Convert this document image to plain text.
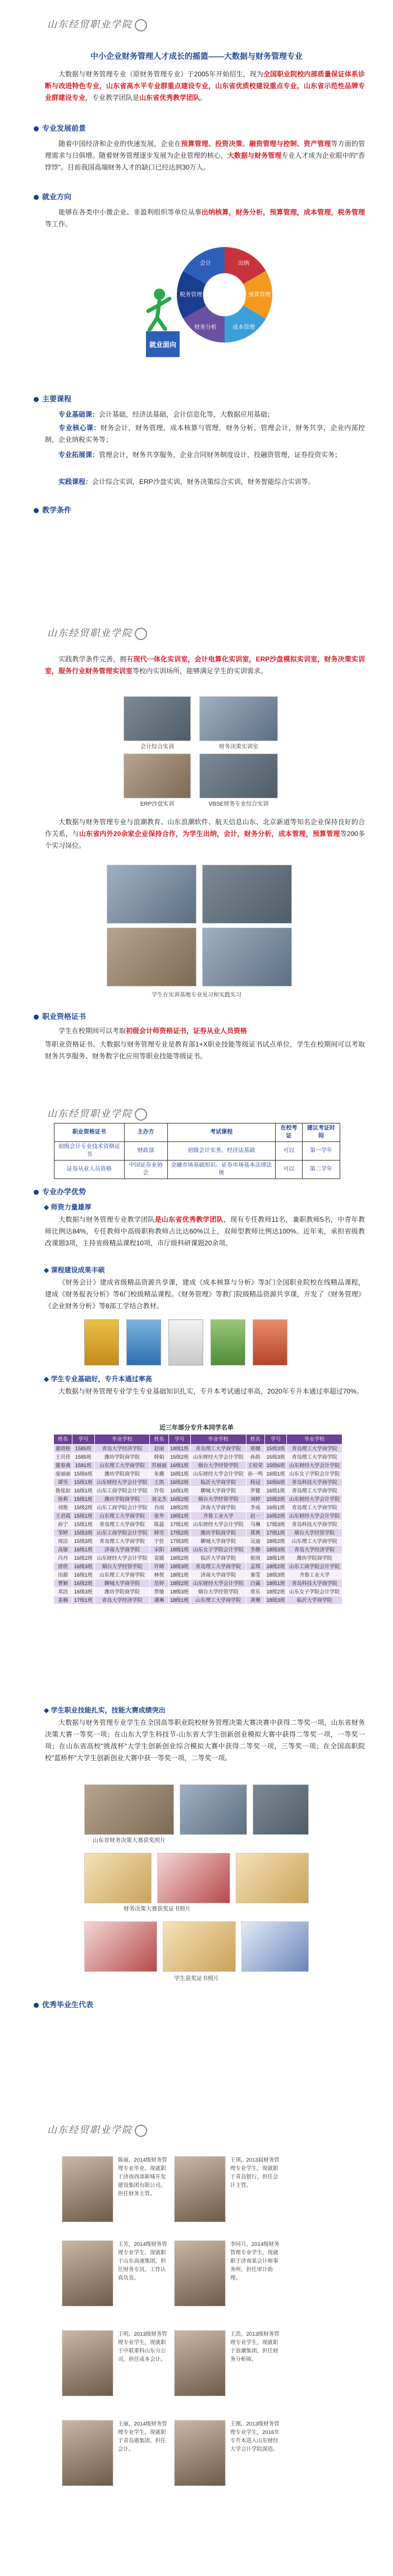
山东经贸职业学院
中小企业财务管理人才成长的摇篮——大数据与财务管理专业

  大数据与财务管理专业（原财务管理专业）于2005年开始招生，现为全国职业院校内部质量保证体系诊断与改进特色专业，山东省高水平专业群重点建设专业，山东省优质校建设重点专业，山东省示范性品牌专业群建设专业，专业教学团队是山东省优秀教学团队。

专业发展前景

  随着中国经济和企业的快速发展，企业在预算管理、投资决策、融资管理与控制、资产管理等方面的管理需求与日俱增。随着财务管理逐步发展为企业管理的核心，大数据与财务管理专业人才成为企业眼中的"香饽饽"。目前我国高端财务人才的缺口已经达到30万人。

就业方向

  能够在各类中小微企业、非盈利组织等单位从事出纳核算，财务分析，预算管理，成本管理，税务管理等工作。

会计	出纳
预算管理
成本管理
财务分析
税务管理
就业面向
主要课程

  专业基础课：会计基础，经济法基础，会计信息化等，大数据应用基础；

  专业核心课：财务会计，财务管理，成本核算与管理，财务分析，管理会计，财务共享，企业内部控制，企业纳税实务等；

  专业拓展课：管理会计，财务共享服务，企业合同财务制度设计，投融资管理，证券投资实务；

  实践课程：会计综合实训，ERP沙盘实训，财务决策综合实训，财务智能综合实训等。

教学条件
山东经贸职业学院

  实践教学条件完善，拥有现代一体化实训室，会计电算化实训室，ERP沙盘模拟实训室，财务决策实训室，服务行业财务管理实训室等校内实训场所，能够满足学生的实训需求。

会计综合实训	财务决策实训室
ERP沙盘实训	VBSE财务专业综合实训

  大数据与财务管理专业与浪潮教育、山东浪潮软件、航天信息山东、北京新道等知名企业保持良好的合作关系，与山东省内外20余家企业保持合作，为学生出纳，会计，财务分析，成本管理，预算管理等200多个实习岗位。

学生在实训基地专业见习和实践实习
职业资格证书

  学生在校期间可以考取初级会计师资格证书，证券从业人员资格

等职业资格证书。大数据与财务管理专业是教育部1+X职业技能等级证书试点单位，学生在校期间可以考取财务共享服务、财务数字化应用等职业技能等级证书。

山东经贸职业学院
职业资格证书	主办方	考试课程	在校考证	建议考证时间
初级会计专业技术资格证书	财政部	初级会计实务、经济法基础	可以	第一学年
证券从业人员资格	中国证券业协会	金融市场基础知识、证券市场基本法律法规	可以	第二学年
专业办学优势
◆ 师资力量雄厚

  大数据与财务管理专业教学团队是山东省优秀教学团队，现有专任教师11名，兼职教师5名，中青年教师比例达84%，专任教师中高级职称教师占比达60%以上，双师型教师比例达100%。近年来，承担省级教改课题3项，主持省级精品课程10项，市厅级科研课题20余项。

◆ 课程建设成果丰硕

  《财务会计》建成省级精品资源共享课，建成《成本核算与分析》等3门全国职业院校在线精品课程，建成《财务报表分析》等6门校级精品课程。《财务管理》等教门院级精品资源共享课，开发了《财务管理》《企业财务分析》等8部工学结合教材。

◆ 学生专业基础好，专升本通过率高

  大数据与财务管理专业学生专业基础知识扎实，专升本考试通过率高，2020年专升本通过率超过70%。

近三年部分专升本同学名单
姓名	学号	毕业学校	姓名	学号	毕业学校	姓名	学号	毕业学校
董晓艳	1585班	青岛大学经济学院	赵丽	18级1班	青岛理工大学商学院	邢娜	15级3班	青岛理工大学商学院
王贝佳	1585班	潍坊学院商学院	韩娟	15级2班	山东财经大学会计学院	孙韵	15级3班	青岛理工大学商学院
董春燕	1581班	山东理工大学商学院	苏丽丽	16级1班	烟台大学经管学院	王桂荣	15级6班	山东财经大学会计学院
庞丽丽	15级6班	潍坊学院商学院	朱璐	16级1班	山东财经大学会计学院	孙一鸣	16级1班	山东女子学院会计学院
谭雪	15级1班	山东财经大学会计学院	王凯	16级2班	临沂大学商学院	杨冠	16级6班	青岛科技大学商学院
鲁泓如	16级1班	山东工商学院会计学院	许伟	16级1班	聊城大学商学院	罗健	16级1班	青岛理工大学商学院
徐莉	15级1班	潍坊学院商学院	刘文杰	16级2班	烟台大学经管学院	刘婷	15级2班	山东财经大学会计学院
刘艳	15级2班	山东工商学院会计学院	肖雨	18级2班	济南大学商学院	李成	16级1班	青岛理工大学商学院
王君霞	15级1班	山东理工大学商学院	张华	18级1班	齐鲁工业大学	赵一	16级2班	山东财经大学会计学院
孙宁	15级1班	青岛理工大学商学院	陈蕊	17级1班	山东财经大学会计学院	马琳	17级3班	青岛科技大学商学院
邹婷	15级3班	山东工商学院会计学院	韩雪	17级2班	潍坊学院商学院	郑爽	17级1班	烟台大学经管学院
周洁	15级3班	青岛理工大学商学院	于佳	17级3班	聊城大学商学院	吴迪	18级2班	山东理工大学商学院
高敏	16级1班	济南大学商学院	宋阳	18级1班	山东女子学院会计学院	李静	18级3班	青岛大学经济学院
冯丹	16级2班	山东财经大学会计学院	袁媛	18级2班	临沂大学商学院	崔雨	18级1班	潍坊学院商学院
唐欣	16级3班	烟台大学经管学院	许晴	18级3班	青岛理工大学商学院	孟琪	18级2班	山东工商学院会计学院
田甜	16级1班	山东理工大学商学院	林悦	18级1班	济南大学商学院	秦雯	18级3班	齐鲁工业大学
曹颖	16级2班	聊城大学商学院	范婷	18级2班	山东财经大学会计学院	白露	18级1班	青岛科技大学商学院
邓洁	16级3班	潍坊学院商学院	贾敏	18级3班	烟台大学经管学院	常乐	18级2班	山东女子学院会计学院
姜楠	17级1班	青岛大学经济学院	潘琳	18级1班	山东理工大学商学院	龚珊	18级3班	临沂大学商学院
◆ 学生职业技能扎实，技能大赛成绩突出

  大数据与财务管理专业学生在全国高等职业院校财务管理决策大赛决赛中获得二等奖一项，山东省财务决策大赛一等奖一项；在山东大学生科技节-山东省大学生创新创业模拟大赛中获得二等奖一项，一等奖一项；在山东省高校"挑战杯"大学生创新创业综合模拟大赛中获得二等奖一项，三等奖一项；在全国高职院校"蓝桥杯"大学生创新创业大赛中获一等奖一项，二等奖一项。

山东省财务决策大赛获奖照片
财务决策大赛获奖证书照片
学生获奖证书照片
优秀毕业生代表
山东经贸职业学院
陈丽，2014级财务管理专业毕业，现就职于济南西部新城开发建设集团有限公司，担任财务主管。
王琪，2013届财务管理专业学生，现就职于青岛银行，担任会计主管。
王芳，2014级财务管理专业学生，现就职于山东高速集团，担任财务专员，工作认真负责。
李同月，2014级财务管理专业学生，现就职于济南某会计师事务所，担任审计助理。
王明，2013级财务管理专业学生，现就职于中联重科山东分公司，担任成本会计。
王浩，2013级财务管理专业学生，现就职于浪潮集团，担任财务分析师。
王丽，2014级财务管理专业学生，现就职于青岛港集团，担任会计。
王刚，2013级财务管理专业学生，2016年专升本进入山东财经大学会计学院深造。
